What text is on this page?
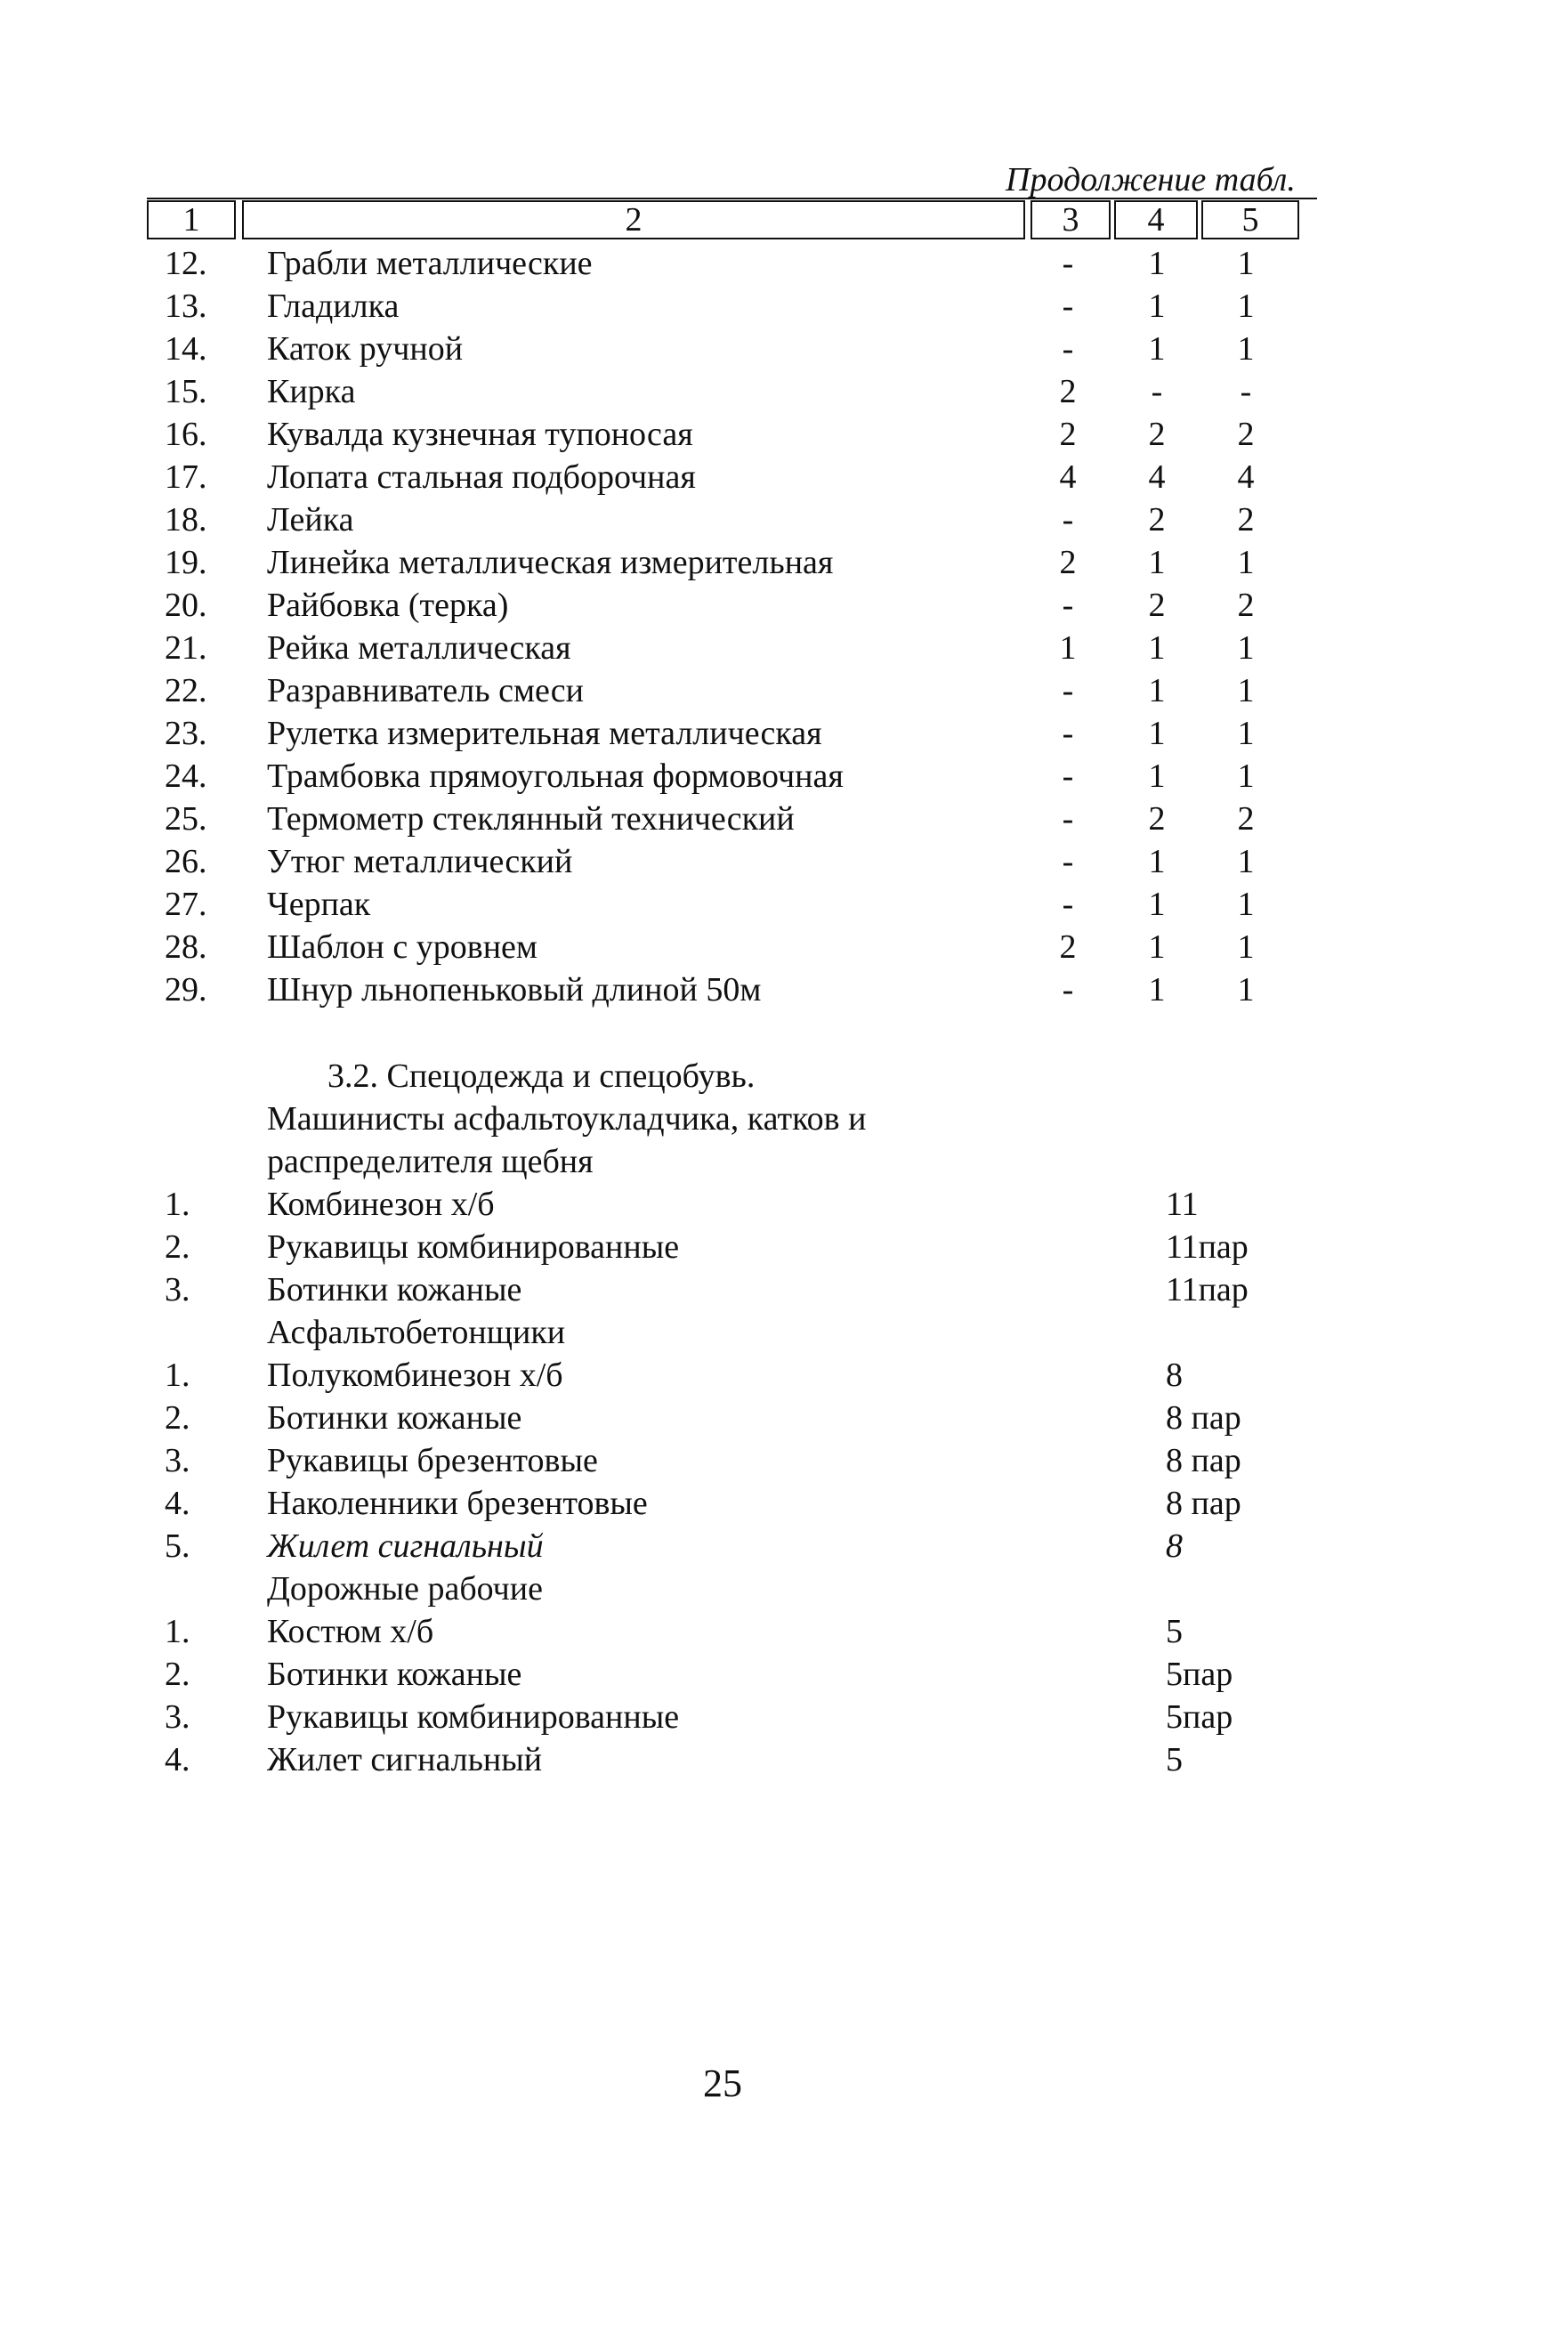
Продолжение табл.
1	2	3	4	5
12. Грабли металлические	-	1 1
13. Гладилка	-	1 1
14. Каток ручной	-	1 1
15. Кирка	2	-	-
16. Кувалда кузнечная тупоносая	2 2 2
17. Лопата стальная подборочная	4 4 4
18. Лейка	-	2 2
19. Линейка металлическая измерительная	2 1 1
20. Райбовка (терка)	-	2 2
21. Рейка металлическая	1 1 1
22. Разравниватель смеси	-	1 1
23. Рулетка измерительная металлическая	-	1 1
24. Трамбовка прямоугольная формовочная	-	1 1
25. Термометр стеклянный технический	-	2 2
26. Утюг металлический	-	1 1
27. Черпак	-	1 1
28. Шаблон с уровнем	2 1 1
29. Шнур льнопеньковый длиной 50м	-	1 1
3.2. Спецодежда и спецобувь.
Машинисты асфальтоукладчика, катков и
распределителя щебня
1. Комбинезон х/б	11
2. Рукавицы комбинированные	11пар
3. Ботинки кожаные	11пар
Асфальтобетонщики
1. Полукомбинезон х/б	8
2. Ботинки кожаные	8 пар
3. Рукавицы брезентовые	8 пар
4. Наколенники брезентовые	8 пар
5. Жилет сигнальный	8
Дорожные рабочие
1. Костюм х/б	5
2. Ботинки кожаные	5пар
3. Рукавицы комбинированные	5пар
4. Жилет сигнальный	5
25
